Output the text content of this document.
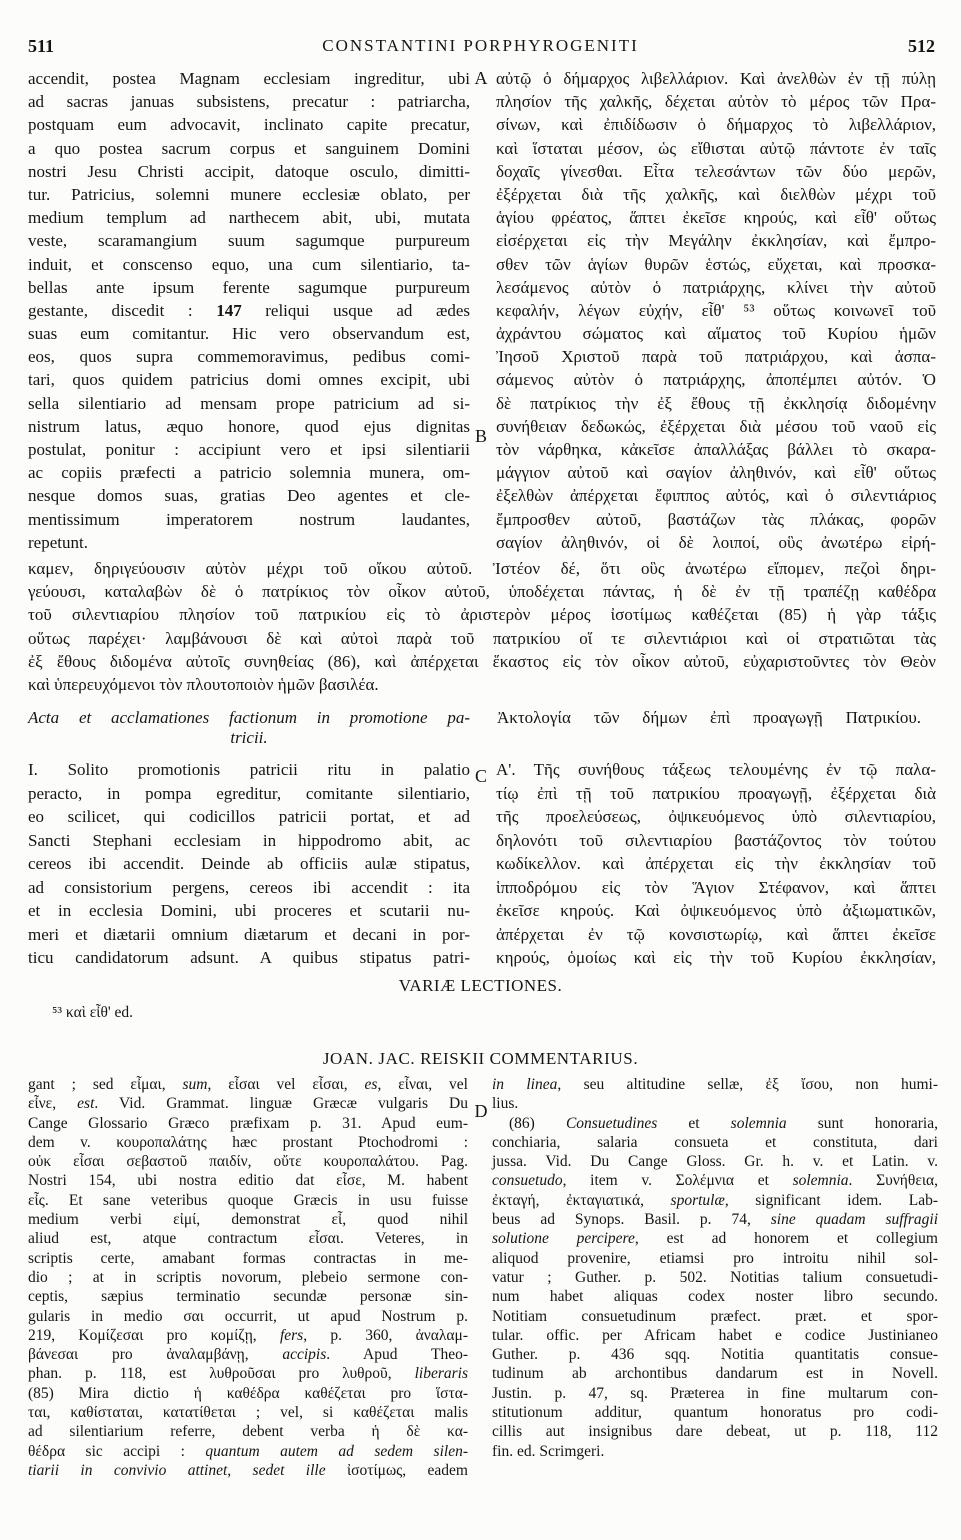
511	CONSTANTINI PORPHYROGENITI	512
accendit, postea Magnam ecclesiam ingreditur, ubi
ad sacras januas subsistens, precatur : patriarcha,
postquam eum advocavit, inclinato capite precatur,
a quo postea sacrum corpus et sanguinem Domini
nostri Jesu Christi accipit, datoque osculo, dimitti-
tur. Patricius, solemni munere ecclesiæ oblato, per
medium templum ad narthecem abit, ubi, mutata
veste, scaramangium suum sagumque purpureum
induit, et conscenso equo, una cum silentiario, ta-
bellas ante ipsum ferente sagumque purpureum
gestante, discedit : 147 reliqui usque ad ædes
suas eum comitantur. Hic vero observandum est,
eos, quos supra commemoravimus, pedibus comi-
tari, quos quidem patricius domi omnes excipit, ubi
sella silentiario ad mensam prope patricium ad si-
nistrum latus, æquo honore, quod ejus dignitas
postulat, ponitur : accipiunt vero et ipsi silentiarii
ac copiis præfecti a patricio solemnia munera, om-
nesque domos suas, gratias Deo agentes et cle-
mentissimum imperatorem nostrum laudantes,
repetunt.
αὐτῷ ὁ δήμαρχος λιβελλάριον. Καὶ ἀνελθὼν ἐν τῇ πύλῃ
πλησίον τῆς χαλκῆς, δέχεται αὐτὸν τὸ μέρος τῶν Πρα-
σίνων, καὶ ἐπιδίδωσιν ὁ δήμαρχος τὸ λιβελλάριον,
καὶ ἵσταται μέσον, ὡς εἴθισται αὐτῷ πάντοτε ἐν ταῖς
δοχαῖς γίνεσθαι. Εἶτα τελεσάντων τῶν δύο μερῶν,
ἐξέρχεται διὰ τῆς χαλκῆς, καὶ διελθὼν μέχρι τοῦ
ἁγίου φρέατος, ἅπτει ἐκεῖσε κηρούς, καὶ εἶθ' οὕτως
εἰσέρχεται εἰς τὴν Μεγάλην ἐκκλησίαν, καὶ ἔμπρο-
σθεν τῶν ἁγίων θυρῶν ἑστώς, εὔχεται, καὶ προσκα-
λεσάμενος αὐτὸν ὁ πατριάρχης, κλίνει τὴν αὐτοῦ
κεφαλήν, λέγων εὐχήν, εἶθ' ⁵³ οὕτως κοινωνεῖ τοῦ
ἀχράντου σώματος καὶ αἵματος τοῦ Κυρίου ἡμῶν
Ἰησοῦ Χριστοῦ παρὰ τοῦ πατριάρχου, καὶ ἀσπα-
σάμενος αὐτὸν ὁ πατριάρχης, ἀποπέμπει αὐτόν. Ὁ
δὲ πατρίκιος τὴν ἐξ ἔθους τῇ ἐκκλησίᾳ διδομένην
συνήθειαν δεδωκώς, ἐξέρχεται διὰ μέσου τοῦ ναοῦ εἰς
τὸν νάρθηκα, κἀκεῖσε ἀπαλλάξας βάλλει τὸ σκαρα-
μάγγιον αὐτοῦ καὶ σαγίον ἀληθινόν, καὶ εἶθ' οὕτως
ἐξελθὼν ἀπέρχεται ἔφιππος αὐτός, καὶ ὁ σιλεντιάριος
ἔμπροσθεν αὐτοῦ, βαστάζων τὰς πλάκας, φορῶν
σαγίον ἀληθινόν, οἱ δὲ λοιποί, οὓς ἀνωτέρω εἰρή-
A
B
καμεν, δηριγεύουσιν αὐτὸν μέχρι τοῦ οἴκου αὐτοῦ. Ἰστέον δέ, ὅτι οὓς ἀνωτέρω εἴπομεν, πεζοὶ δηρι-
γεύουσι, καταλαβὼν δὲ ὁ πατρίκιος τὸν οἶκον αὐτοῦ, ὑποδέχεται πάντας, ἡ δὲ ἐν τῇ τραπέζῃ καθέδρα
τοῦ σιλεντιαρίου πλησίον τοῦ πατρικίου εἰς τὸ ἀριστερὸν μέρος ἰσοτίμως καθέζεται (85) ἡ γὰρ τάξις
οὕτως παρέχει· λαμβάνουσι δὲ καὶ αὐτοὶ παρὰ τοῦ πατρικίου οἵ τε σιλεντιάριοι καὶ οἱ στρατιῶται τὰς
ἐξ ἔθους διδομένα αὐτοῖς συνηθείας (86), καὶ ἀπέρχεται ἕκαστος εἰς τὸν οἶκον αὐτοῦ, εὐχαριστοῦντες τὸν Θεὸν
καὶ ὑπερευχόμενοι τὸν πλουτοποιὸν ἡμῶν βασιλέα.
Acta et acclamationes factionum in promotione pa-
tricii.
Ἀκτολογία τῶν δήμων ἐπὶ προαγωγῇ Πατρικίου.
I. Solito promotionis patricii ritu in palatio
peracto, in pompa egreditur, comitante silentiario,
eo scilicet, qui codicillos patricii portat, et ad
Sancti Stephani ecclesiam in hippodromo abit, ac
cereos ibi accendit. Deinde ab officiis aulæ stipatus,
ad consistorium pergens, cereos ibi accendit : ita
et in ecclesia Domini, ubi proceres et scutarii nu-
meri et diætarii omnium diætarum et decani in por-
ticu candidatorum adsunt. A quibus stipatus patri-
Α'. Τῆς συνήθους τάξεως τελουμένης ἐν τῷ παλα-
τίῳ ἐπὶ τῇ τοῦ πατρικίου προαγωγῇ, ἐξέρχεται διὰ
τῆς προελεύσεως, ὀψικευόμενος ὑπὸ σιλεντιαρίου,
δηλονότι τοῦ σιλεντιαρίου βαστάζοντος τὸν τούτου
κωδίκελλον. καὶ ἀπέρχεται εἰς τὴν ἐκκλησίαν τοῦ
ἱπποδρόμου εἰς τὸν Ἅγιον Στέφανον, καὶ ἅπτει
ἐκεῖσε κηρούς. Καὶ ὀψικευόμενος ὑπὸ ἀξιωματικῶν,
ἀπέρχεται ἐν τῷ κονσιστωρίῳ, καὶ ἅπτει ἐκεῖσε
κηρούς, ὁμοίως καὶ εἰς τὴν τοῦ Κυρίου ἐκκλησίαν,
C
VARIÆ LECTIONES.
⁵³ καὶ εἶθ' ed.
JOAN. JAC. REISKII COMMENTARIUS.
gant ; sed εἶμαι, sum, εἶσαι vel εἶσαι, es, εἶναι, vel
εἶνε, est. Vid. Grammat. linguæ Græcæ vulgaris Du
Cange Glossario Græco præfixam p. 31. Apud eum-
dem v. κουροπαλάτης hæc prostant Ptochodromi :
οὐκ εἶσαι σεβαστοῦ παιδίν, οὔτε κουροπαλάτου. Pag.
Nostri 154, ubi nostra editio dat εἶσε, M. habent
εἶς. Et sane veteribus quoque Græcis in usu fuisse
medium verbi εἰμί, demonstrat εἶ, quod nihil
aliud est, atque contractum εἶσαι. Veteres, in
scriptis certe, amabant formas contractas in me-
dio ; at in scriptis novorum, plebeio sermone con-
ceptis, sæpius terminatio secundæ personæ sin-
gularis in medio σαι occurrit, ut apud Nostrum p.
219, Κομίζεσαι pro κομίζῃ, fers, p. 360, ἀναλαμ-
βάνεσαι pro ἀναλαμβάνῃ, accipis. Apud Theo-
phan. p. 118, est λυθροῦσαι pro λυθροῦ, liberaris
(85) Mira dictio ἡ καθέδρα καθέζεται pro ἵστα-
ται, καθίσταται, κατατίθεται ; vel, si καθέζεται malis
ad silentiarium referre, debent verba ἡ δὲ κα-
θέδρα sic accipi : quantum autem ad sedem silen-
tiarii in convivio attinet, sedet ille ἰσοτίμως, eadem
in linea, seu altitudine sellæ, ἐξ ἴσου, non humi-
lius.
(86) Consuetudines et solemnia sunt honoraria,
conchiaria, salaria consueta et constituta, dari
jussa. Vid. Du Cange Gloss. Gr. h. v. et Latin. v.
consuetudo, item v. Σολέμνια et solemnia. Συνήθεια,
ἐκταγή, ἐκταγιατικά, sportulæ, significant idem. Lab-
beus ad Synops. Basil. p. 74, sine quadam suffragii
solutione percipere, est ad honorem et collegium
aliquod provenire, etiamsi pro introitu nihil sol-
vatur ; Guther. p. 502. Notitias talium consuetudi-
num habet aliquas codex noster libro secundo.
Notitiam consuetudinum præfect. præt. et spor-
tular. offic. per Africam habet e codice Justinianeo
Guther. p. 436 sqq. Notitia quantitatis consue-
tudinum ab archontibus dandarum est in Novell.
Justin. p. 47, sq. Præterea in fine multarum con-
stitutionum additur, quantum honoratus pro codi-
cillis aut insignibus dare debeat, ut p. 118, 112
fin. ed. Scrimgeri.
D
